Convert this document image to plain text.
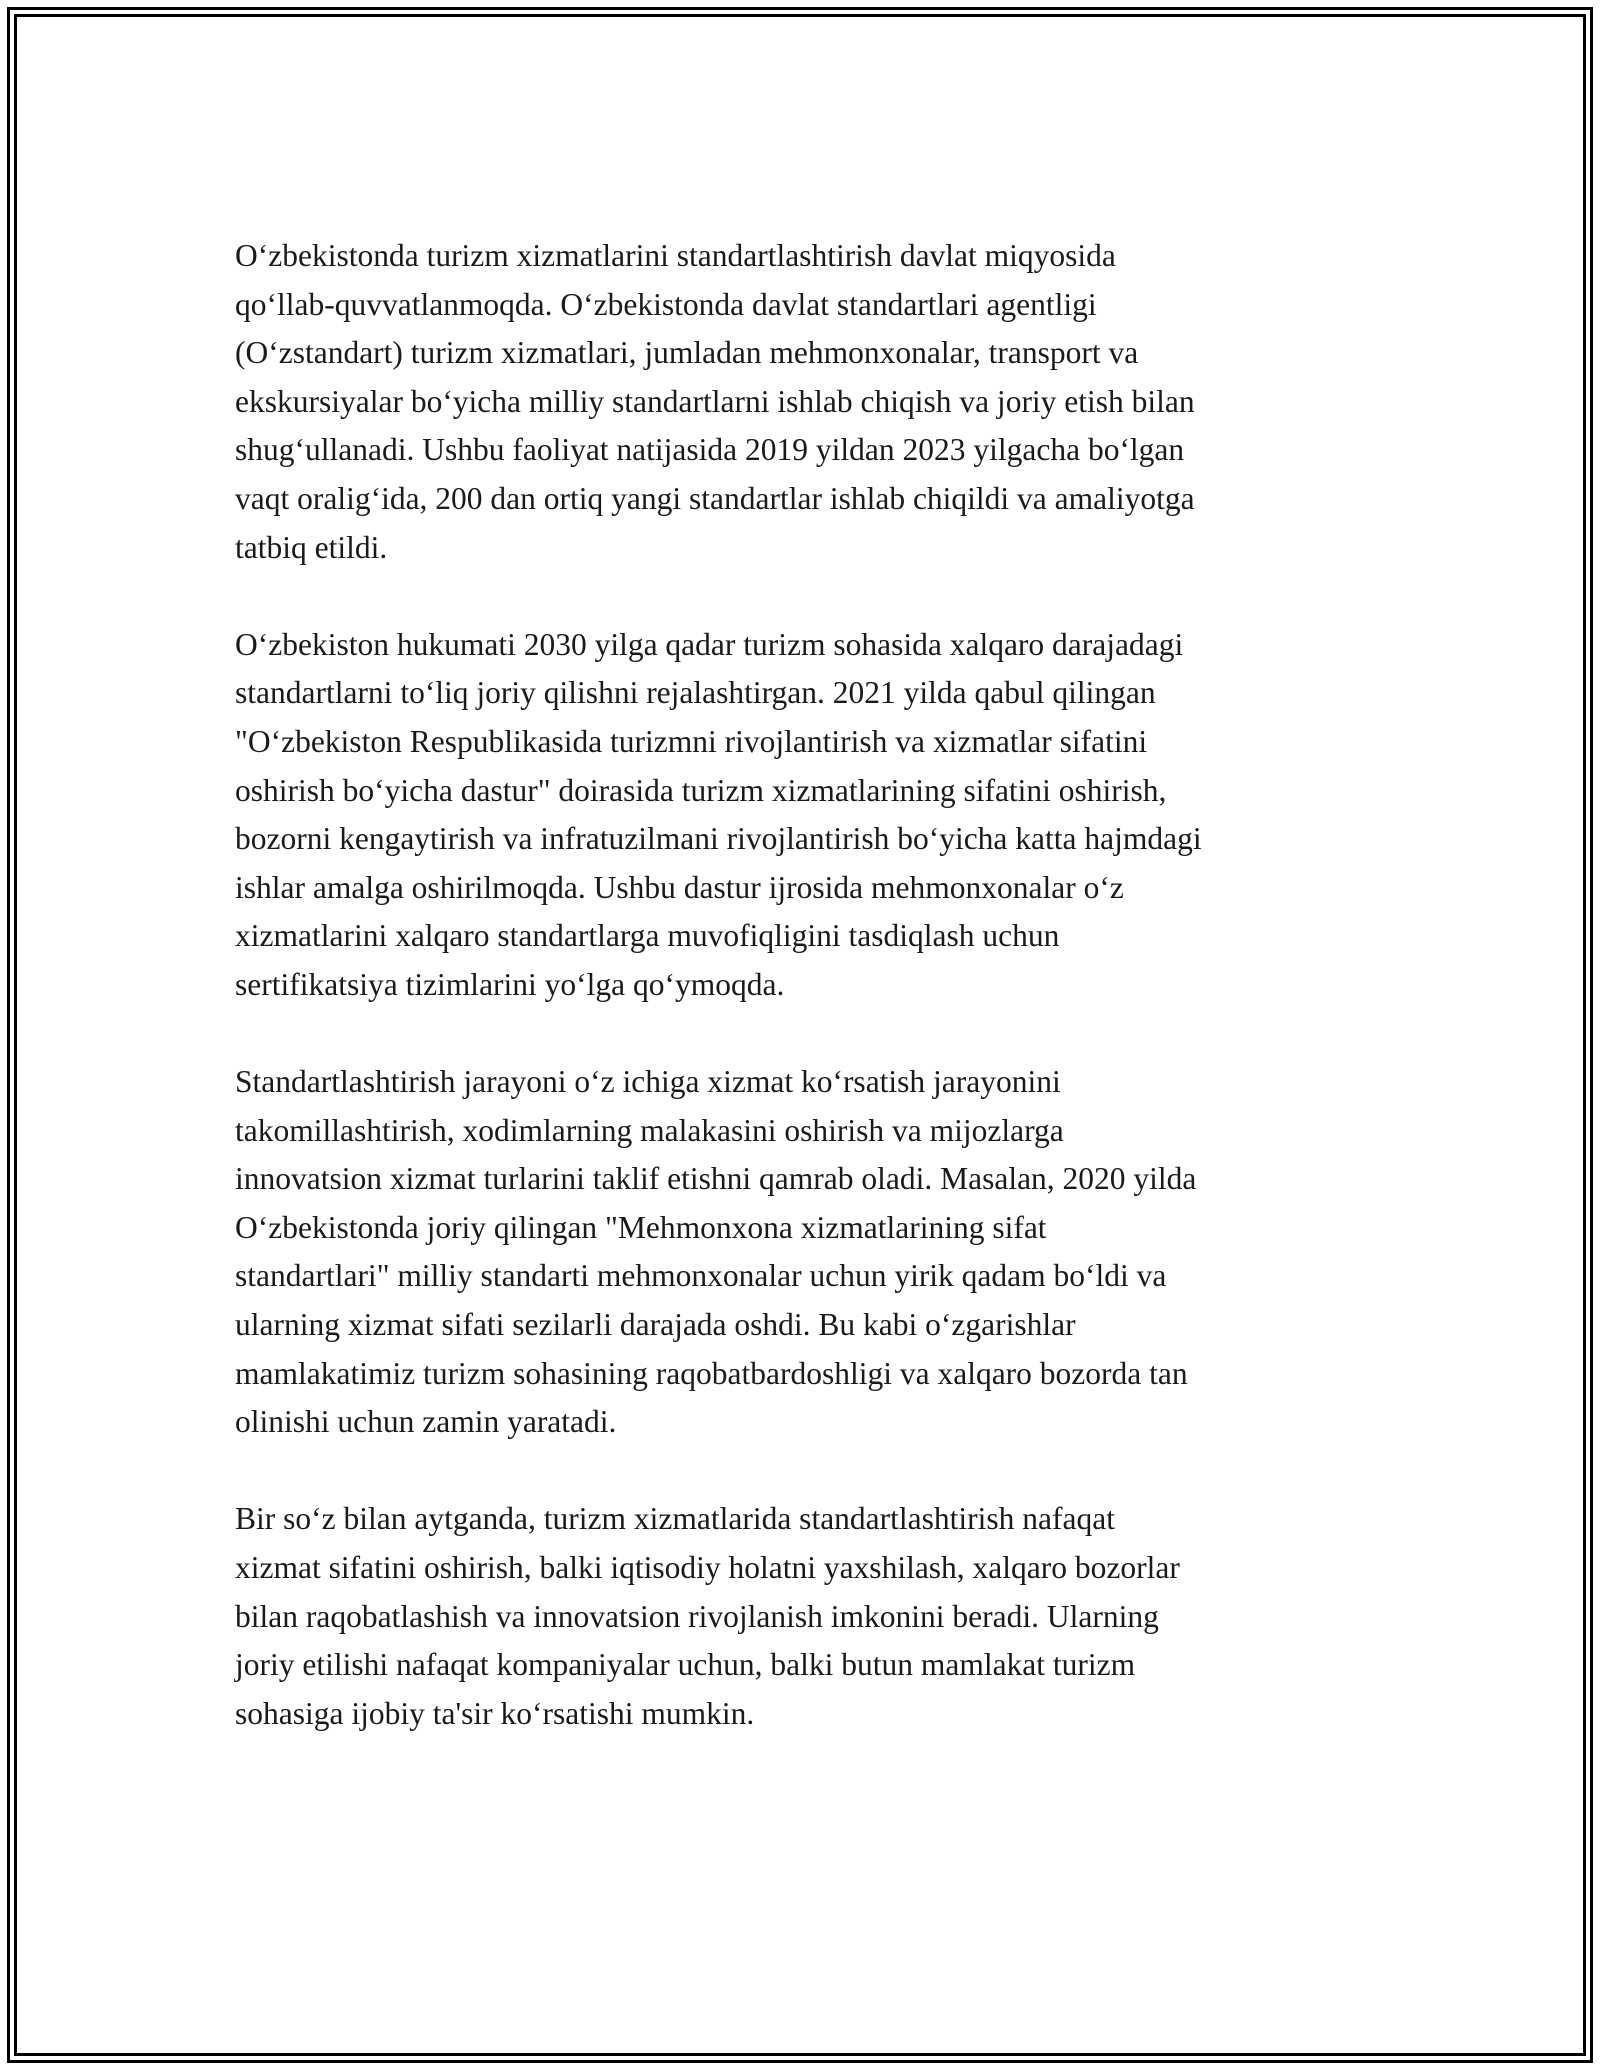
O‘zbekistonda turizm xizmatlarini standartlashtirish davlat miqyosida
qo‘llab-quvvatlanmoqda. O‘zbekistonda davlat standartlari agentligi
(O‘zstandart) turizm xizmatlari, jumladan mehmonxonalar, transport va
ekskursiyalar bo‘yicha milliy standartlarni ishlab chiqish va joriy etish bilan
shug‘ullanadi. Ushbu faoliyat natijasida 2019 yildan 2023 yilgacha bo‘lgan
vaqt oralig‘ida, 200 dan ortiq yangi standartlar ishlab chiqildi va amaliyotga
tatbiq etildi.

O‘zbekiston hukumati 2030 yilga qadar turizm sohasida xalqaro darajadagi
standartlarni to‘liq joriy qilishni rejalashtirgan. 2021 yilda qabul qilingan
"O‘zbekiston Respublikasida turizmni rivojlantirish va xizmatlar sifatini
oshirish bo‘yicha dastur" doirasida turizm xizmatlarining sifatini oshirish,
bozorni kengaytirish va infratuzilmani rivojlantirish bo‘yicha katta hajmdagi
ishlar amalga oshirilmoqda. Ushbu dastur ijrosida mehmonxonalar o‘z
xizmatlarini xalqaro standartlarga muvofiqligini tasdiqlash uchun
sertifikatsiya tizimlarini yo‘lga qo‘ymoqda.

Standartlashtirish jarayoni o‘z ichiga xizmat ko‘rsatish jarayonini
takomillashtirish, xodimlarning malakasini oshirish va mijozlarga
innovatsion xizmat turlarini taklif etishni qamrab oladi. Masalan, 2020 yilda
O‘zbekistonda joriy qilingan "Mehmonxona xizmatlarining sifat
standartlari" milliy standarti mehmonxonalar uchun yirik qadam bo‘ldi va
ularning xizmat sifati sezilarli darajada oshdi. Bu kabi o‘zgarishlar
mamlakatimiz turizm sohasining raqobatbardoshligi va xalqaro bozorda tan
olinishi uchun zamin yaratadi.

Bir so‘z bilan aytganda, turizm xizmatlarida standartlashtirish nafaqat
xizmat sifatini oshirish, balki iqtisodiy holatni yaxshilash, xalqaro bozorlar
bilan raqobatlashish va innovatsion rivojlanish imkonini beradi. Ularning
joriy etilishi nafaqat kompaniyalar uchun, balki butun mamlakat turizm
sohasiga ijobiy ta'sir ko‘rsatishi mumkin.
